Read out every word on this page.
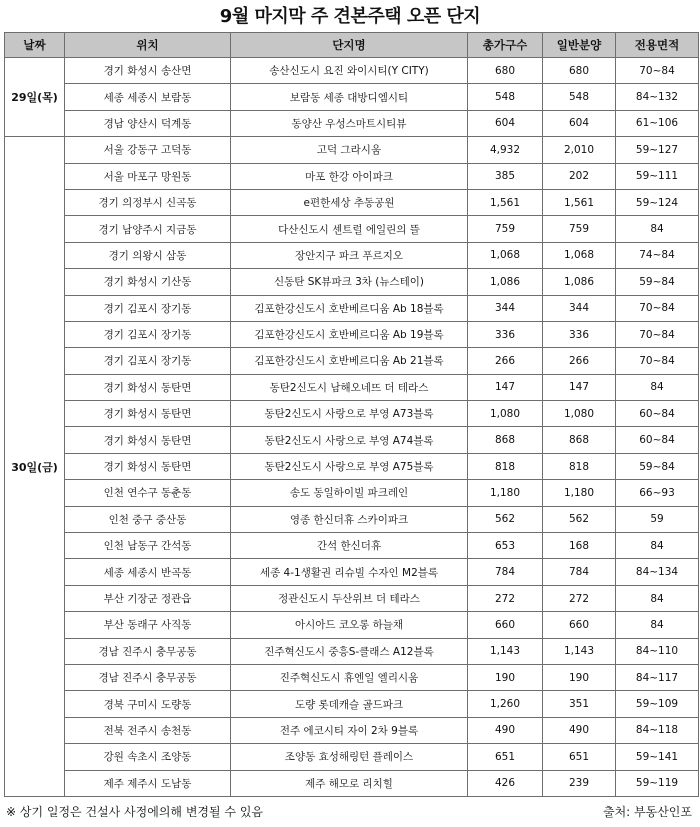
9월 마지막 주 견본주택 오픈 단지
날짜	위치	단지명	총가구수	일반분양	전용면적
29일(목)	경기 화성시 송산면	송산신도시 요진 와이시티(Y CITY)	680	680	70~84
	세종 세종시 보람동	보람동 세종 대방디엠시티	548	548	84~132
	경남 양산시 덕계동	동양산 우성스마트시티뷰	604	604	61~106
30일(금)	서울 강동구 고덕동	고덕 그라시움	4,932	2,010	59~127
	서울 마포구 망원동	마포 한강 아이파크	385	202	59~111
	경기 의정부시 신곡동	e편한세상 추동공원	1,561	1,561	59~124
	경기 남양주시 지금동	다산신도시 센트럴 에일린의 뜰	759	759	84
	경기 의왕시 삼동	장안지구 파크 푸르지오	1,068	1,068	74~84
	경기 화성시 기산동	신동탄 SK뷰파크 3차 (뉴스테이)	1,086	1,086	59~84
	경기 김포시 장기동	김포한강신도시 호반베르디움 Ab 18블록	344	344	70~84
	경기 김포시 장기동	김포한강신도시 호반베르디움 Ab 19블록	336	336	70~84
	경기 김포시 장기동	김포한강신도시 호반베르디움 Ab 21블록	266	266	70~84
	경기 화성시 동탄면	동탄2신도시 남해오네뜨 더 테라스	147	147	84
	경기 화성시 동탄면	동탄2신도시 사랑으로 부영 A73블록	1,080	1,080	60~84
	경기 화성시 동탄면	동탄2신도시 사랑으로 부영 A74블록	868	868	60~84
	경기 화성시 동탄면	동탄2신도시 사랑으로 부영 A75블록	818	818	59~84
	인천 연수구 동춘동	송도 동일하이빌 파크레인	1,180	1,180	66~93
	인천 중구 중산동	영종 한신더휴 스카이파크	562	562	59
	인천 남동구 간석동	간석 한신더휴	653	168	84
	세종 세종시 반곡동	세종 4-1생활권 리슈빌 수자인 M2블록	784	784	84~134
	부산 기장군 정관읍	정관신도시 두산위브 더 테라스	272	272	84
	부산 동래구 사직동	아시아드 코오롱 하늘채	660	660	84
	경남 진주시 충무공동	진주혁신도시 중흥S-클래스 A12블록	1,143	1,143	84~110
	경남 진주시 충무공동	진주혁신도시 휴엔일 엘리시움	190	190	84~117
	경북 구미시 도량동	도량 롯데캐슬 골드파크	1,260	351	59~109
	전북 전주시 송천동	전주 에코시티 자이 2차 9블록	490	490	84~118
	강원 속초시 조양동	조양동 효성해링턴 플레이스	651	651	59~141
	제주 제주시 도남동	제주 해모로 리치힐	426	239	59~119
※ 상기 일정은 건설사 사정에의해 변경될 수 있음	출처: 부동산인포
